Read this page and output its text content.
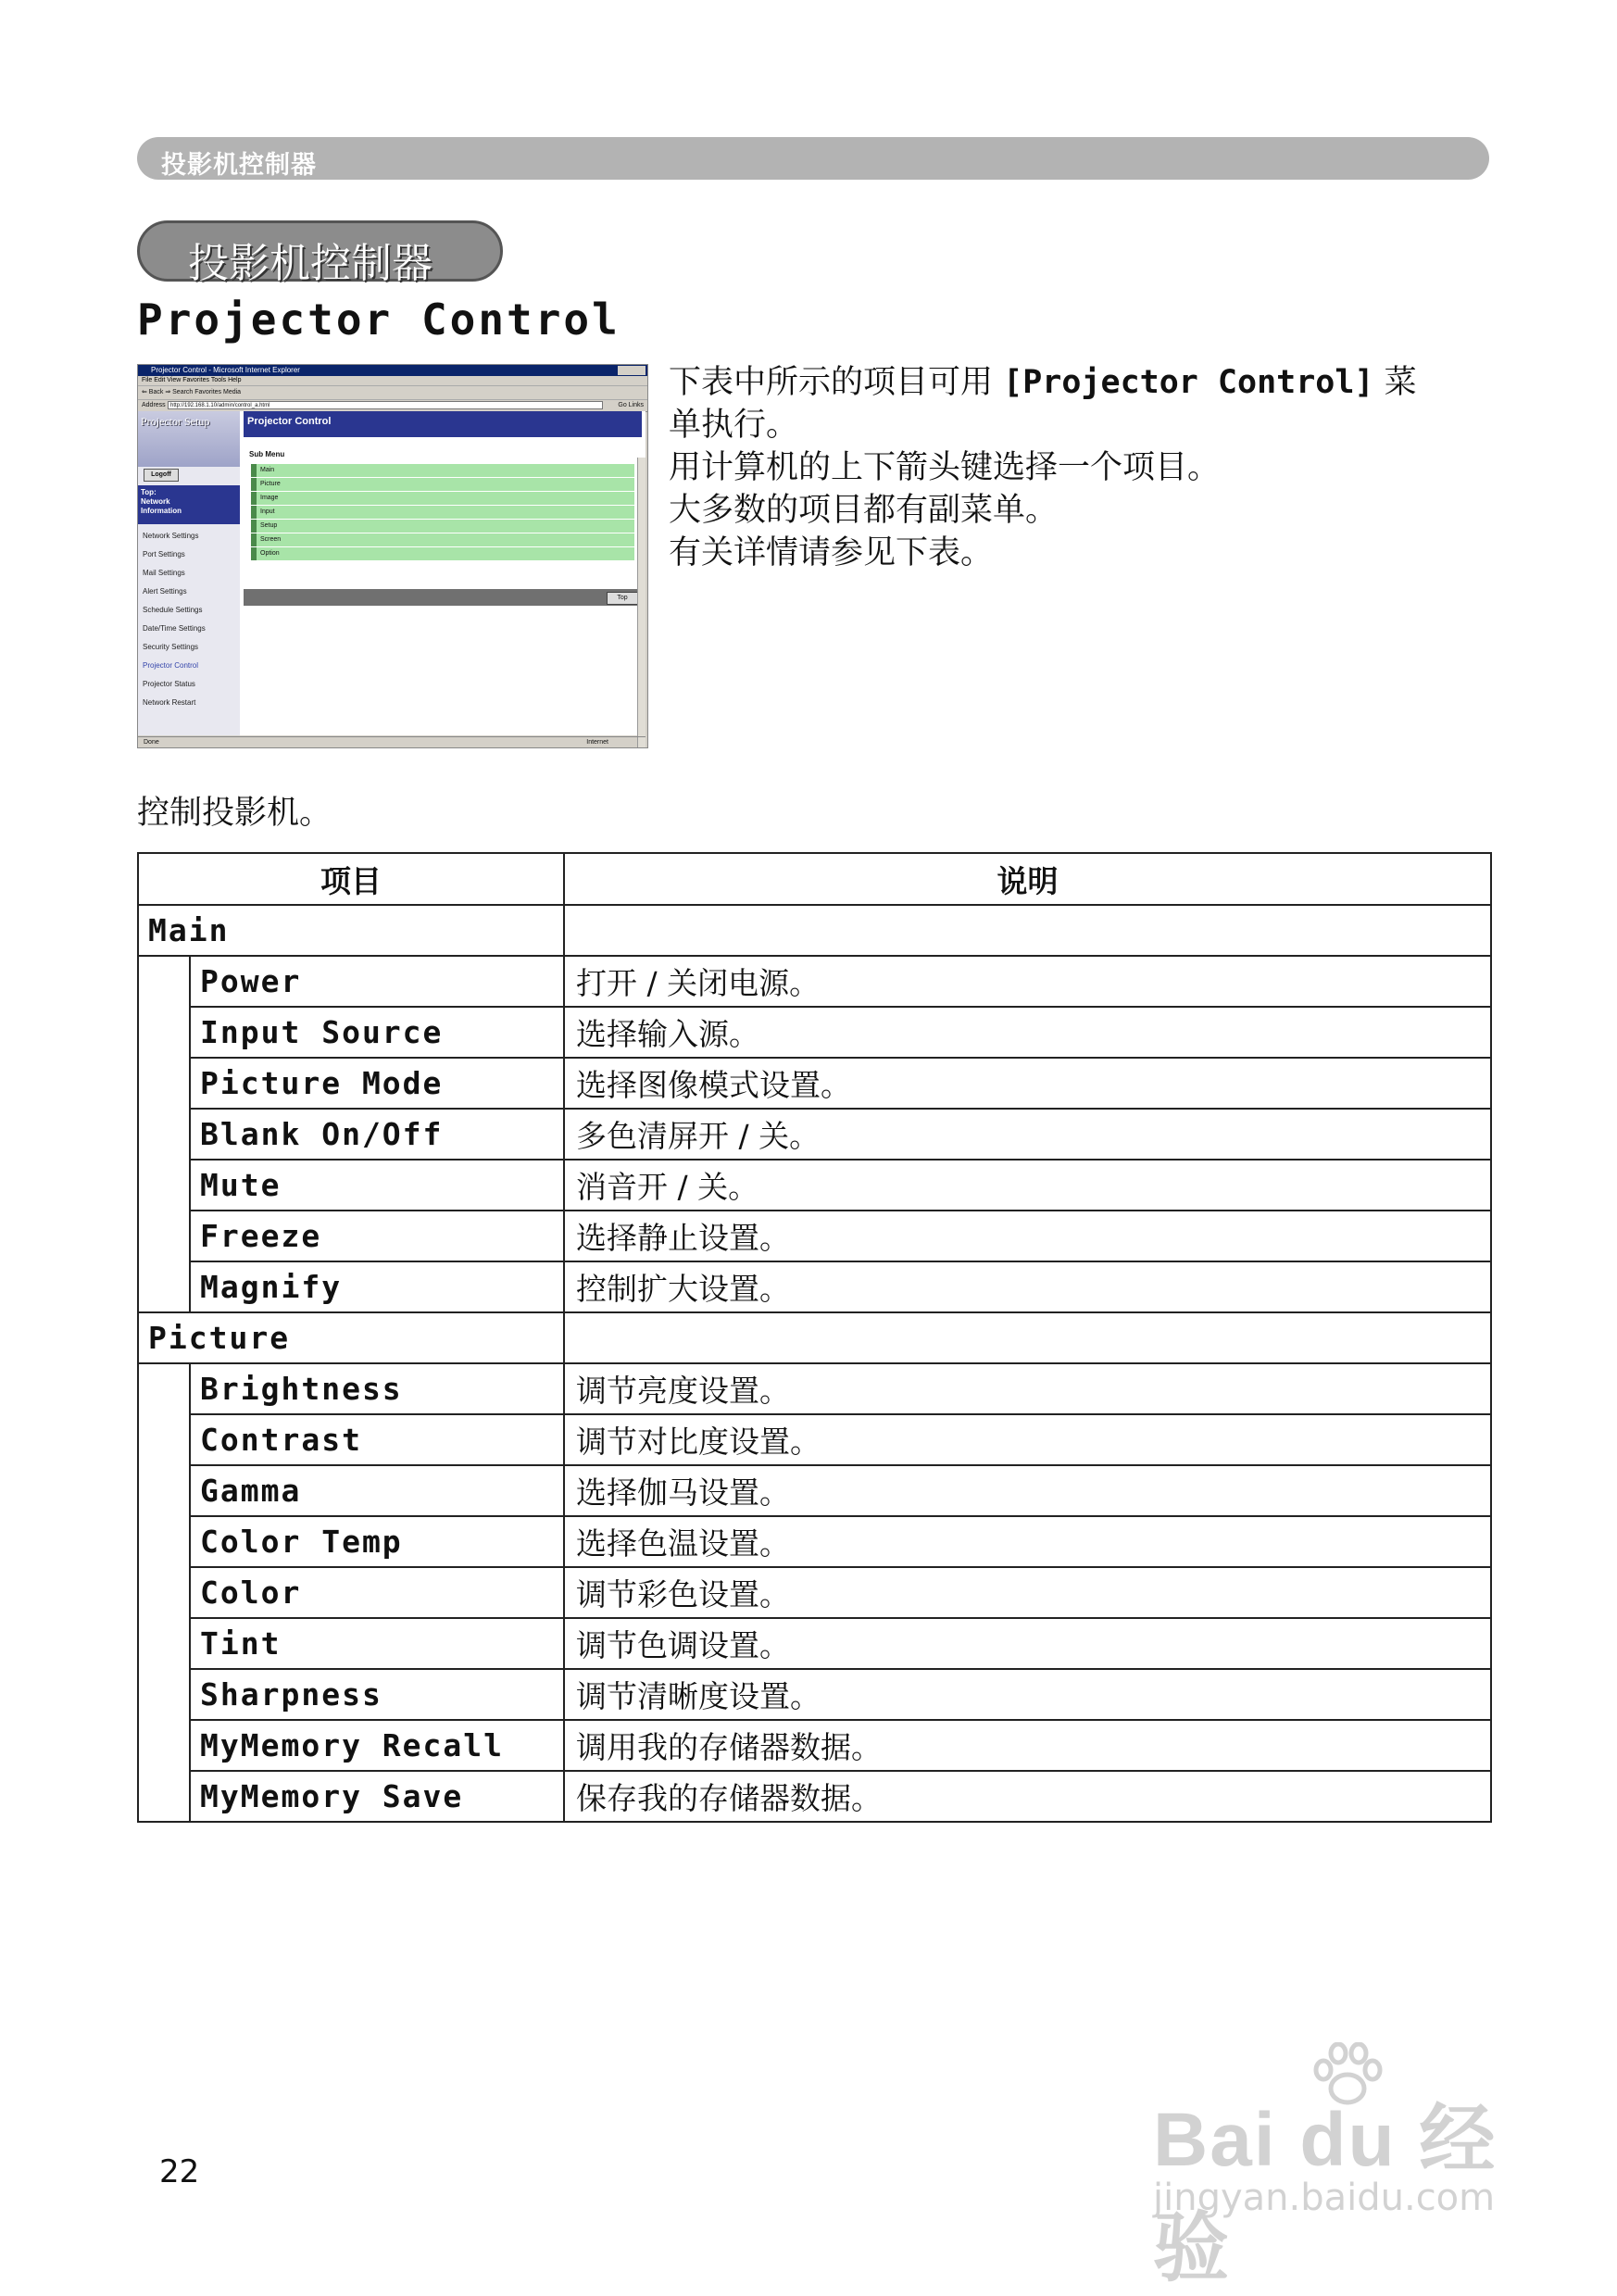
投影机控制器
投影机控制器
Projector Control
Projector Control - Microsoft Internet Explorer
File Edit View Favorites Tools Help
⇐ Back ⇒ Search Favorites Media
Address http://192.168.1.10/admin/control_a.html	Go Links
Projector Setup
Logoff
Top:
Network
Information
Network Settings
Port Settings
Mail Settings
Alert Settings
Schedule Settings
Date/Time Settings
Security Settings
Projector Control
Projector Status
Network Restart
Projector Control
Sub Menu
Main
Picture
Image
Input
Setup
Screen
Option
Top
Done	Internet
下表中所示的项目可用 [Projector Control] 菜
单执行。
用计算机的上下箭头键选择一个项目。
大多数的项目都有副菜单。
有关详情请参见下表。
控制投影机。
项目		说明
Main		
	Power	打开 / 关闭电源。
	Input Source	选择输入源。
	Picture Mode	选择图像模式设置。
	Blank On/Off	多色清屏开 / 关。
	Mute	消音开 / 关。
	Freeze	选择静止设置。
	Magnify	控制扩大设置。
Picture		
	Brightness	调节亮度设置。
	Contrast	调节对比度设置。
	Gamma	选择伽马设置。
	Color Temp	选择色温设置。
	Color	调节彩色设置。
	Tint	调节色调设置。
	Sharpness	调节清晰度设置。
	MyMemory Recall	调用我的存储器数据。
	MyMemory Save	保存我的存储器数据。
22	Bai du 经验
jingyan.baidu.com
